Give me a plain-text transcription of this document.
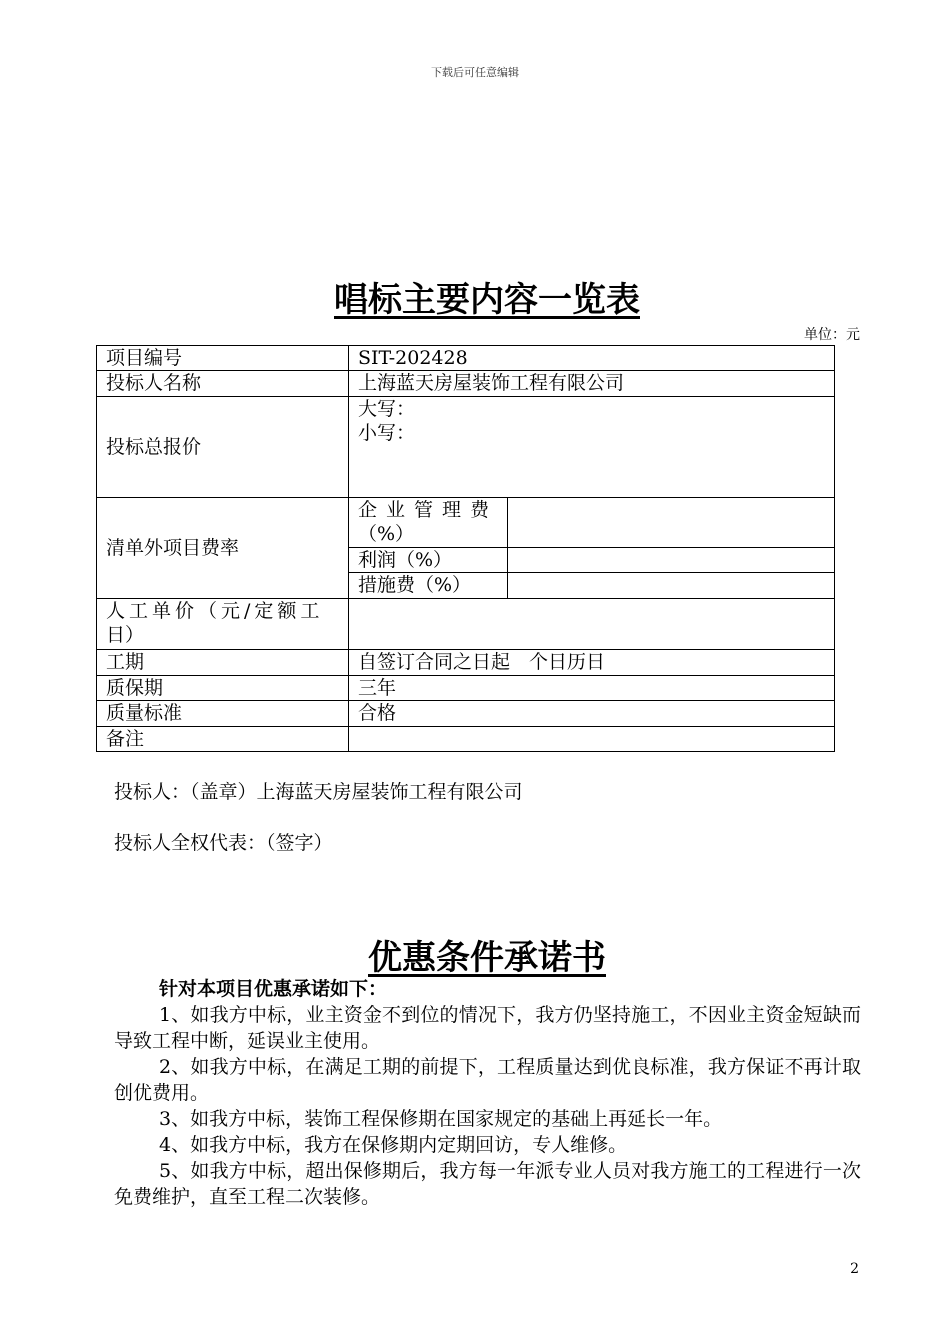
下载后可任意编辑
唱标主要内容一览表
单位：元
项目编号	SIT-202428	
投标人名称	上海蓝天房屋装饰工程有限公司	
投标总报价	大写：
小写：	

清单外项目费率	企业管理费
（%）	

	利润（%）	
	措施费（%）	

人工单价（元/定额工
日）		

工期	自签订合同之日起　个日历日	
质保期	三年	
质量标准	合格	
备注		
投标人：（盖章）上海蓝天房屋装饰工程有限公司
投标人全权代表：（签字）
优惠条件承诺书
针对本项目优惠承诺如下：
1、如我方中标，业主资金不到位的情况下，我方仍坚持施工，不因业主资金短缺而导致工程中断，延误业主使用。
2、如我方中标，在满足工期的前提下，工程质量达到优良标准，我方保证不再计取创优费用。
3、如我方中标，装饰工程保修期在国家规定的基础上再延长一年。
4、如我方中标，我方在保修期内定期回访，专人维修。
5、如我方中标，超出保修期后，我方每一年派专业人员对我方施工的工程进行一次免费维护，直至工程二次装修。
2
